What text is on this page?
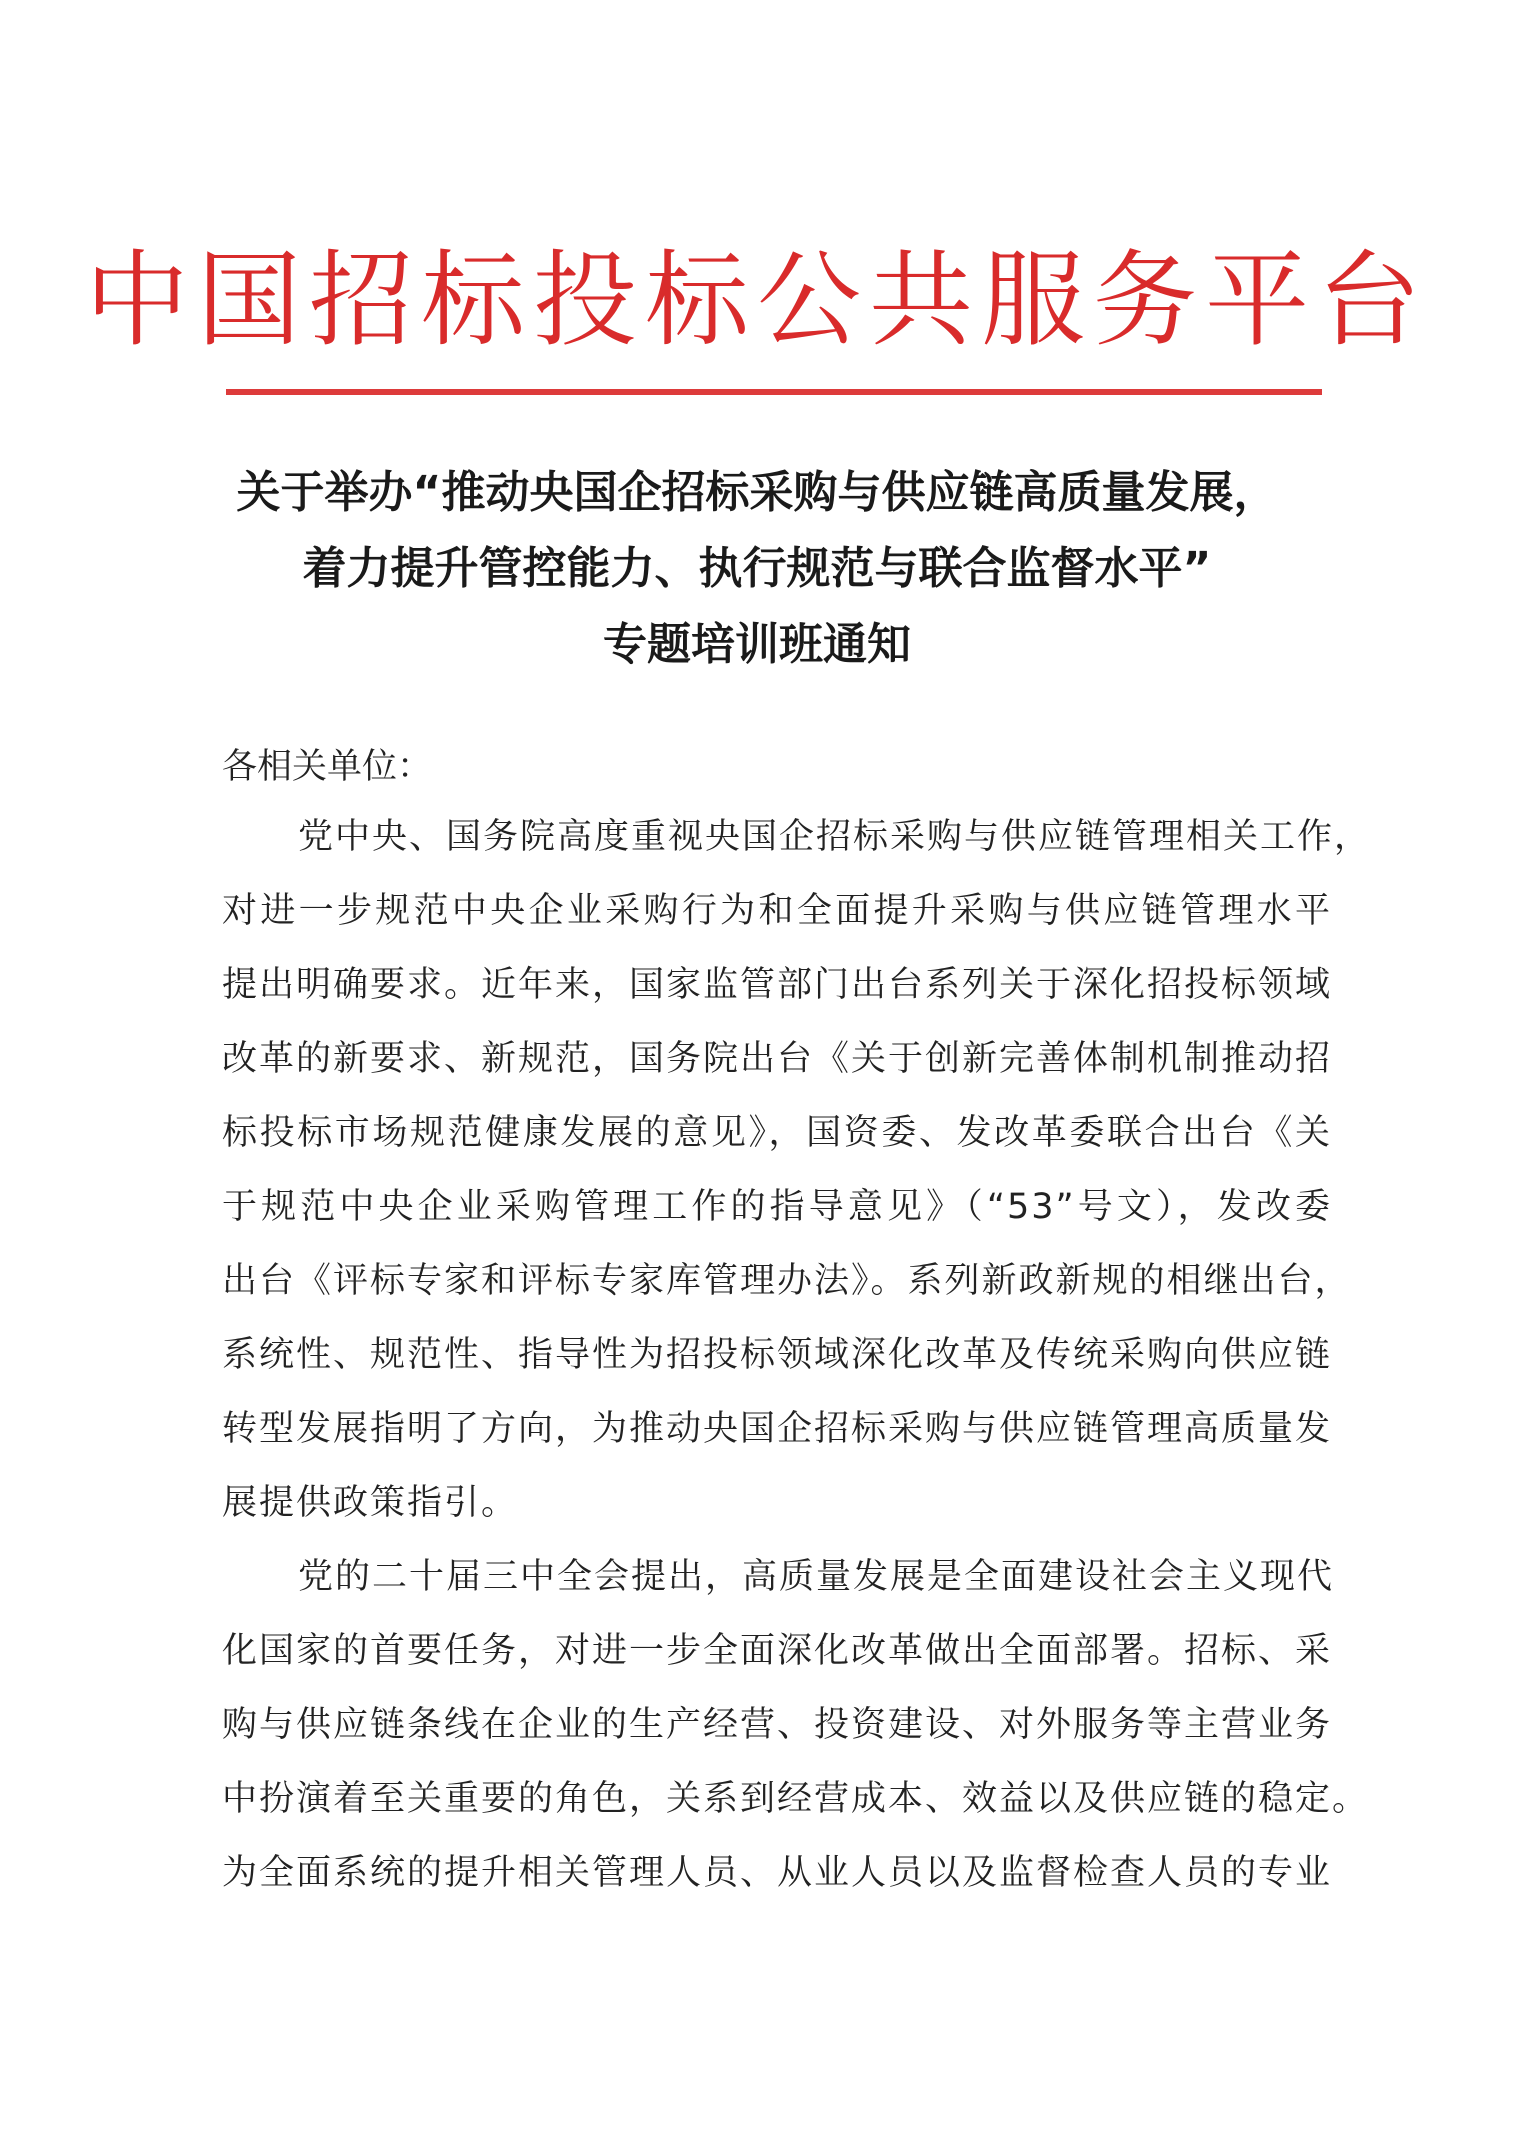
中国招标投标公共服务平台
关于举办“推动央国企招标采购与供应链高质量发展，
着力提升管控能力、执行规范与联合监督水平”
专题培训班通知
各相关单位：
党中央、国务院高度重视央国企招标采购与供应链管理相关工作，
对进一步规范中央企业采购行为和全面提升采购与供应链管理水平
提出明确要求。近年来，国家监管部门出台系列关于深化招投标领域
改革的新要求、新规范，国务院出台《关于创新完善体制机制推动招
标投标市场规范健康发展的意见》，国资委、发改革委联合出台《关
于规范中央企业采购管理工作的指导意见》（“53”号文），发改委
出台《评标专家和评标专家库管理办法》。系列新政新规的相继出台，
系统性、规范性、指导性为招投标领域深化改革及传统采购向供应链
转型发展指明了方向，为推动央国企招标采购与供应链管理高质量发
展提供政策指引。
党的二十届三中全会提出，高质量发展是全面建设社会主义现代
化国家的首要任务，对进一步全面深化改革做出全面部署。招标、采
购与供应链条线在企业的生产经营、投资建设、对外服务等主营业务
中扮演着至关重要的角色，关系到经营成本、效益以及供应链的稳定。
为全面系统的提升相关管理人员、从业人员以及监督检查人员的专业
